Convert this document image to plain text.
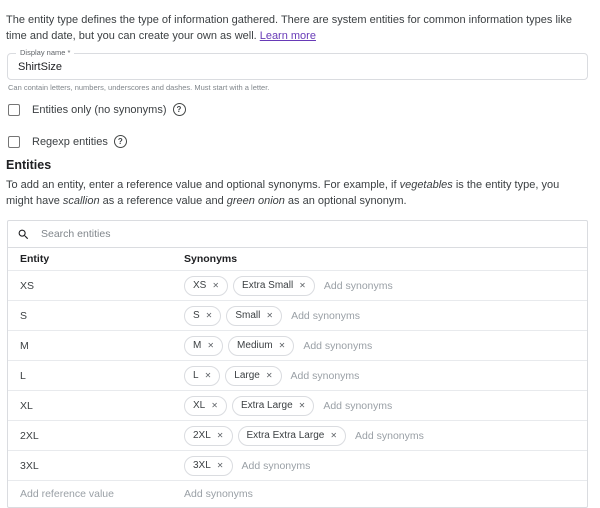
The entity type defines the type of information gathered. There are system entities for common information types like time and date, but you can create your own as well. Learn more

Display name *
ShirtSize
Can contain letters, numbers, underscores and dashes. Must start with a letter.
Entities only (no synonyms)	?
Regexp entities	?
Entities

To add an entity, enter a reference value and optional synonyms. For example, if vegetables is the entity type, you might have scallion as a reference value and green onion as an optional synonym.

Search entities
Entity	Synonyms
XS	XS ✕ Extra Small ✕ Add synonyms
S	S ✕ Small ✕ Add synonyms
M	M ✕ Medium ✕ Add synonyms
L	L ✕ Large ✕ Add synonyms
XL	XL ✕ Extra Large ✕ Add synonyms
2XL	2XL ✕ Extra Extra Large ✕ Add synonyms
3XL	3XL ✕ Add synonyms
Add reference value	Add synonyms
